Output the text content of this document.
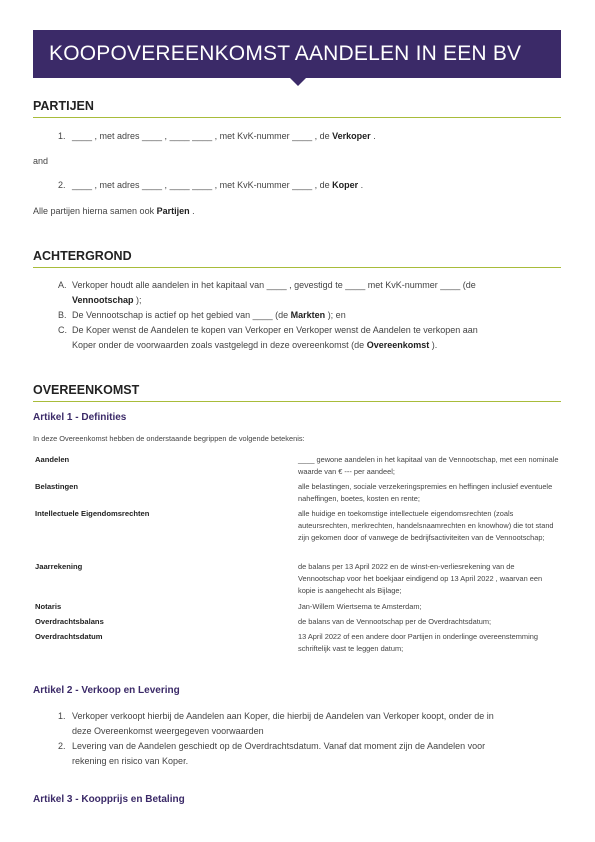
KOOPOVEREENKOMST AANDELEN IN EEN BV
PARTIJEN
1. ____ , met adres ____ , ____ ____ , met KvK-nummer ____ , de Verkoper .
and
2. ____ , met adres ____ , ____ ____ , met KvK-nummer ____ , de Koper .
Alle partijen hierna samen ook Partijen .
ACHTERGROND
A. Verkoper houdt alle aandelen in het kapitaal van ____ , gevestigd te ____ met KvK-nummer ____ (de
Vennootschap );
B. De Vennootschap is actief op het gebied van ____ (de Markten ); en
C. De Koper wenst de Aandelen te kopen van Verkoper en Verkoper wenst de Aandelen te verkopen aan
Koper onder de voorwaarden zoals vastgelegd in deze overeenkomst (de Overeenkomst ).
OVEREENKOMST
Artikel 1 - Definities
In deze Overeenkomst hebben de onderstaande begrippen de volgende betekenis:
Aandelen	____ gewone aandelen in het kapitaal van de Vennootschap, met een nominale waarde van € --- per aandeel;
Belastingen	alle belastingen, sociale verzekeringspremies en heffingen inclusief eventuele naheffingen, boetes, kosten en rente;
Intellectuele Eigendomsrechten	alle huidige en toekomstige intellectuele eigendomsrechten (zoals auteursrechten, merkrechten, handelsnaamrechten en knowhow) die tot stand zijn gekomen door of vanwege de bedrijfsactiviteiten van de Vennootschap;
Jaarrekening	de balans per 13 April 2022 en de winst-en-verliesrekening van de Vennootschap voor het boekjaar eindigend op 13 April 2022 , waarvan een kopie is aangehecht als Bijlage;
Notaris	Jan-Willem Wiertsema te Amsterdam;
Overdrachtsbalans	de balans van de Vennootschap per de Overdrachtsdatum;
Overdrachtsdatum	13 April 2022 of een andere door Partijen in onderlinge overeenstemming schriftelijk vast te leggen datum;
Artikel 2 - Verkoop en Levering
1. Verkoper verkoopt hierbij de Aandelen aan Koper, die hierbij de Aandelen van Verkoper koopt, onder de in
deze Overeenkomst weergegeven voorwaarden
2. Levering van de Aandelen geschiedt op de Overdrachtsdatum. Vanaf dat moment zijn de Aandelen voor
rekening en risico van Koper.
Artikel 3 - Koopprijs en Betaling
